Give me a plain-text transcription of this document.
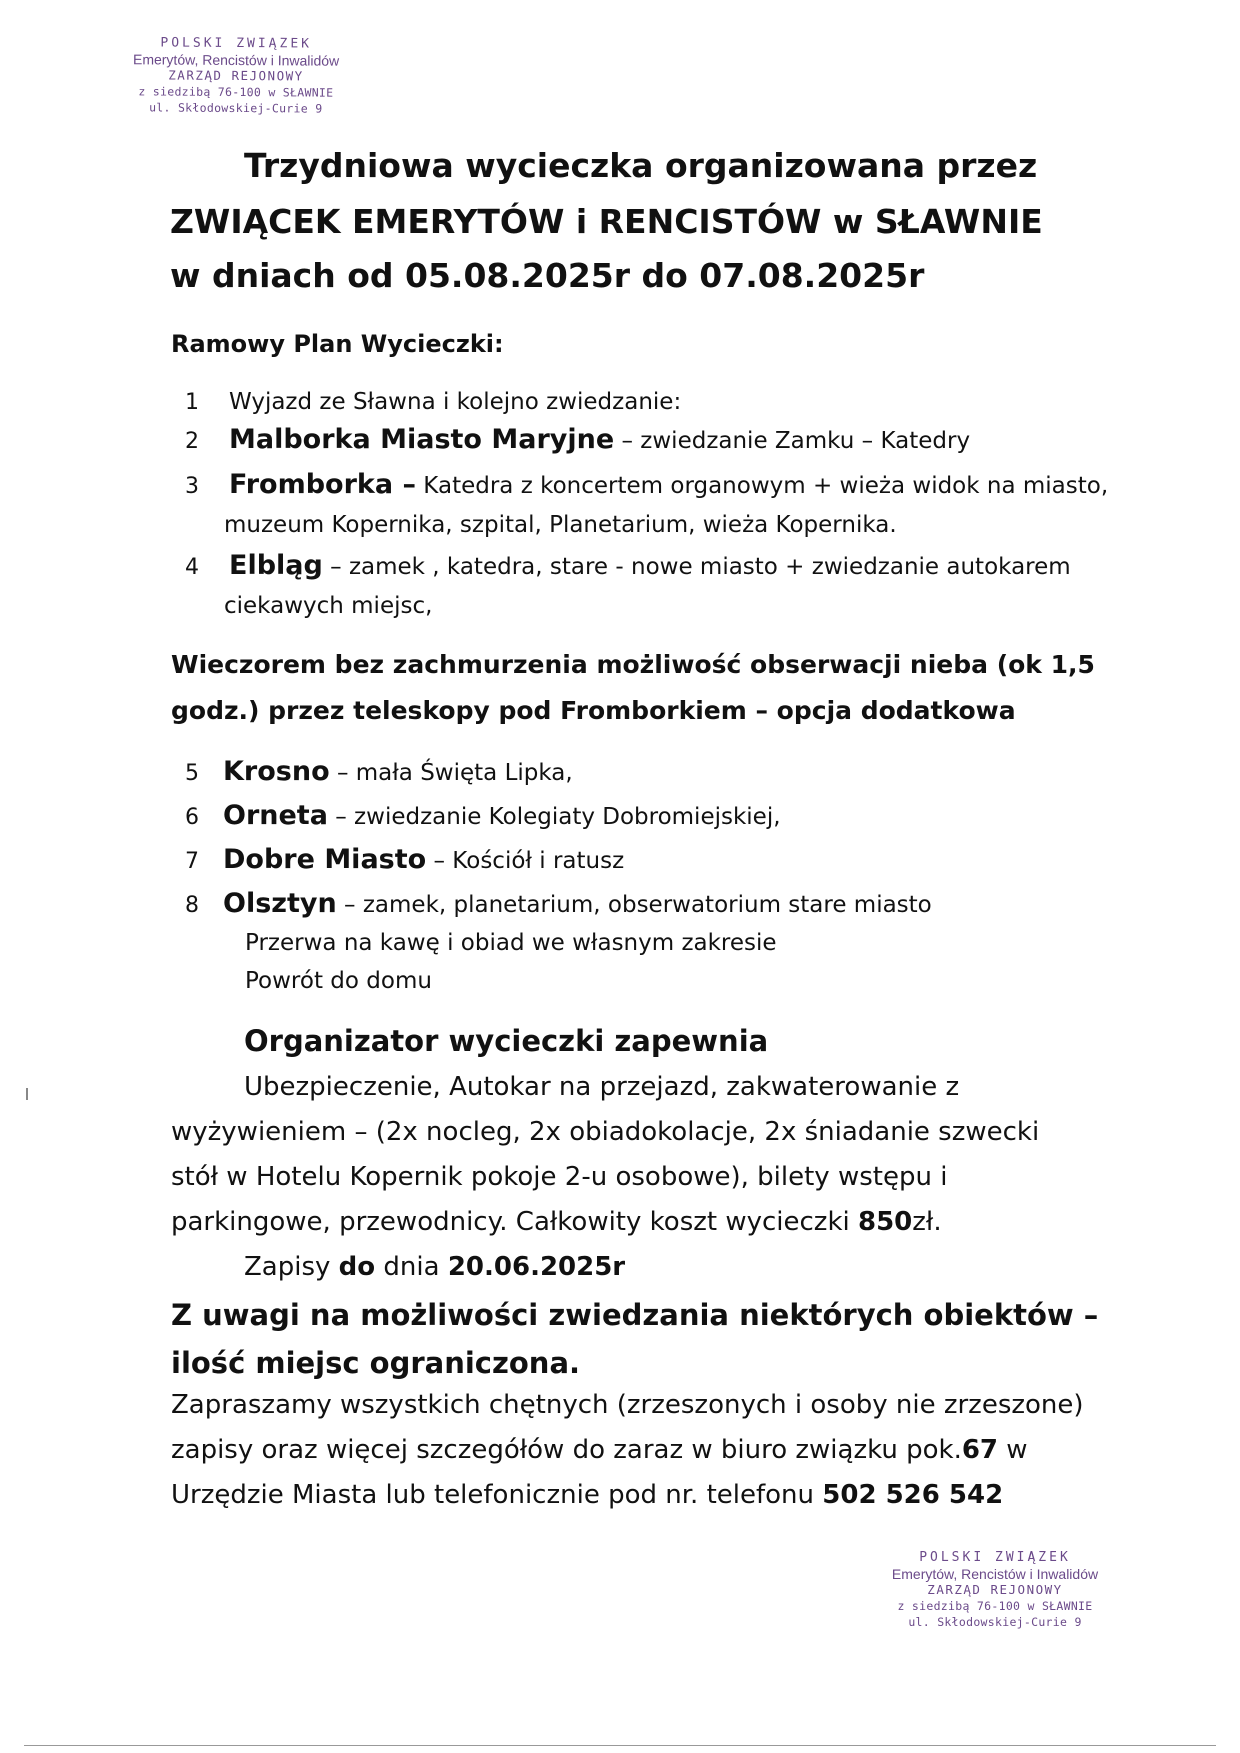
POLSKI ZWIĄZEK
Emerytów, Rencistów i Inwalidów
ZARZĄD REJONOWY
z siedzibą 76-100 w SŁAWNIE
ul. Skłodowskiej-Curie 9
Trzydniowa wycieczka organizowana przez
ZWIĄCEK EMERYTÓW i RENCISTÓW w SŁAWNIE
w dniach od 05.08.2025r do 07.08.2025r
Ramowy Plan Wycieczki:
1 Wyjazd ze Sławna i kolejno zwiedzanie:
2 Malborka Miasto Maryjne – zwiedzanie Zamku – Katedry
3 Fromborka – Katedra z koncertem organowym + wieża widok na miasto,
muzeum Kopernika, szpital, Planetarium, wieża Kopernika.
4 Elbląg – zamek , katedra, stare - nowe miasto + zwiedzanie autokarem
ciekawych miejsc,
Wieczorem bez zachmurzenia możliwość obserwacji nieba (ok 1,5
godz.) przez teleskopy pod Fromborkiem – opcja dodatkowa
5 Krosno – mała Święta Lipka,
6 Orneta – zwiedzanie Kolegiaty Dobromiejskiej,
7 Dobre Miasto – Kościół i ratusz
8 Olsztyn – zamek, planetarium, obserwatorium stare miasto
Przerwa na kawę i obiad we własnym zakresie
Powrót do domu
Organizator wycieczki zapewnia
Ubezpieczenie, Autokar na przejazd, zakwaterowanie z
wyżywieniem – (2x nocleg, 2x obiadokolacje, 2x śniadanie szwecki
stół w Hotelu Kopernik pokoje 2-u osobowe), bilety wstępu i
parkingowe, przewodnicy. Całkowity koszt wycieczki 850zł.
Zapisy do dnia 20.06.2025r
Z uwagi na możliwości zwiedzania niektórych obiektów –
ilość miejsc ograniczona.
Zapraszamy wszystkich chętnych (zrzeszonych i osoby nie zrzeszone)
zapisy oraz więcej szczegółów do zaraz w biuro związku pok.67 w
Urzędzie Miasta lub telefonicznie pod nr. telefonu 502 526 542
POLSKI ZWIĄZEK
Emerytów, Rencistów i Inwalidów
ZARZĄD REJONOWY
z siedzibą 76-100 w SŁAWNIE
ul. Skłodowskiej-Curie 9
